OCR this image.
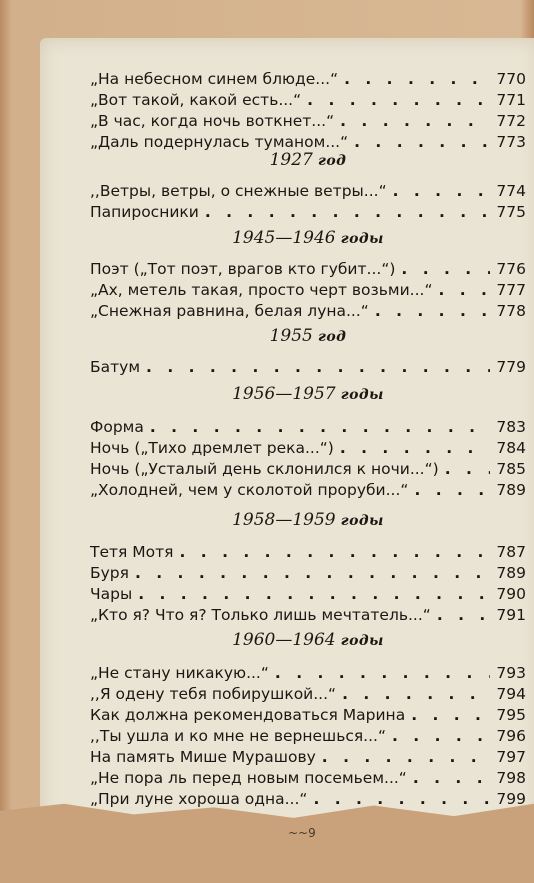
„На небесном синем блюде...“ . . .	770
„Вот такой, какой есть...“ . . .	771
„В час, когда ночь воткнет...“ . . .	772
„Даль подернулась туманом...“ . . .	773
1927 год
,,Ветры, ветры, о снежные ветры...“ . . .	774
Папиросники . . .	775
1945—1946 годы
Поэт („Тот поэт, врагов кто губит...“) . . .	776
„Ах, метель такая, просто черт возьми...“ . . .	777
„Снежная равнина, белая луна...“ . . .	778
1955 год
Батум . . .	779
1956—1957 годы
Форма . . .	783
Ночь („Тихо дремлет река...“) . . .	784
Ночь („Усталый день склонился к ночи...“) . . .	785
„Холодней, чем у сколотой проруби...“ . . .	789
1958—1959 годы
Тетя Мотя . . .	787
Буря . . .	789
Чары . . .	790
„Кто я? Что я? Только лишь мечтатель...“ . . .	791
1960—1964 годы
„Не стану никакую...“ . . .	793
,,Я одену тебя побирушкой...“ . . .	794
Как должна рекомендоваться Марина . . .	795
,,Ты ушла и ко мне не вернешься...“ . . .	796
На память Мише Мурашову . . .	797
„Не пора ль перед новым посемьем...“ . . .	798
„При луне хороша одна...“ . . .	799
~~9
